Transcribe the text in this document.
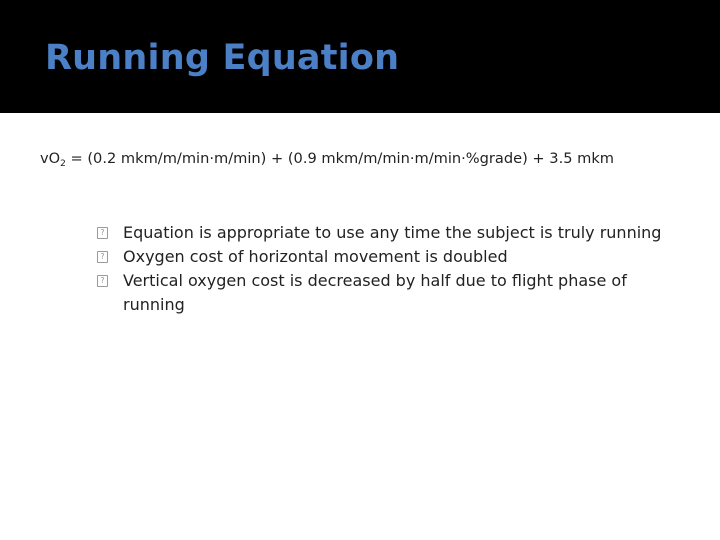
Running Equation
$vO_2 = (0.2$ mkm/m/min·m/min) + (0.9 mkm/m/min·m/min·%grade) + 3.5 mkm
? Equation is appropriate to use any time the subject is truly running
? Oxygen cost of horizontal movement is doubled
? Vertical oxygen cost is decreased by half due to flight phase of running
